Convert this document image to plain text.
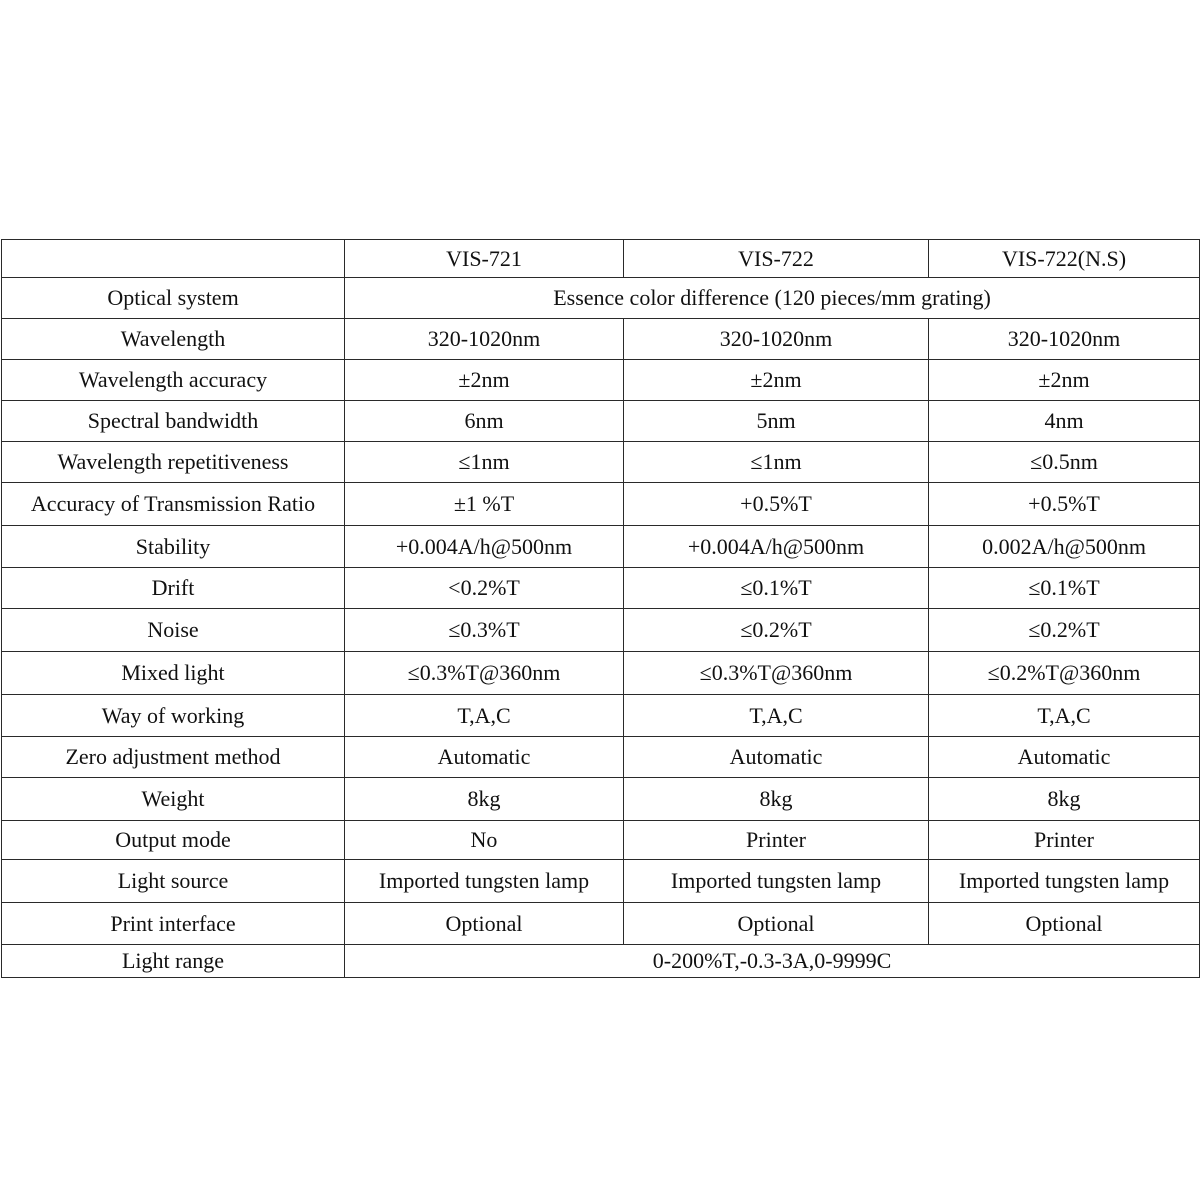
	VIS-721	VIS-722	VIS-722(N.S)
Optical system	Essence color difference (120 pieces/mm grating)		
Wavelength	320-1020nm	320-1020nm	320-1020nm
Wavelength accuracy	±2nm	±2nm	±2nm
Spectral bandwidth	6nm	5nm	4nm
Wavelength repetitiveness	≤1nm	≤1nm	≤0.5nm
Accuracy of Transmission Ratio	±1 %T	+0.5%T	+0.5%T
Stability	+0.004A/h@500nm	+0.004A/h@500nm	0.002A/h@500nm
Drift	<0.2%T	≤0.1%T	≤0.1%T
Noise	≤0.3%T	≤0.2%T	≤0.2%T
Mixed light	≤0.3%T@360nm	≤0.3%T@360nm	≤0.2%T@360nm
Way of working	T,A,C	T,A,C	T,A,C
Zero adjustment method	Automatic	Automatic	Automatic
Weight	8kg	8kg	8kg
Output mode	No	Printer	Printer
Light source	Imported tungsten lamp	Imported tungsten lamp	Imported tungsten lamp
Print interface	Optional	Optional	Optional
Light range	0-200%T,-0.3-3A,0-9999C		
